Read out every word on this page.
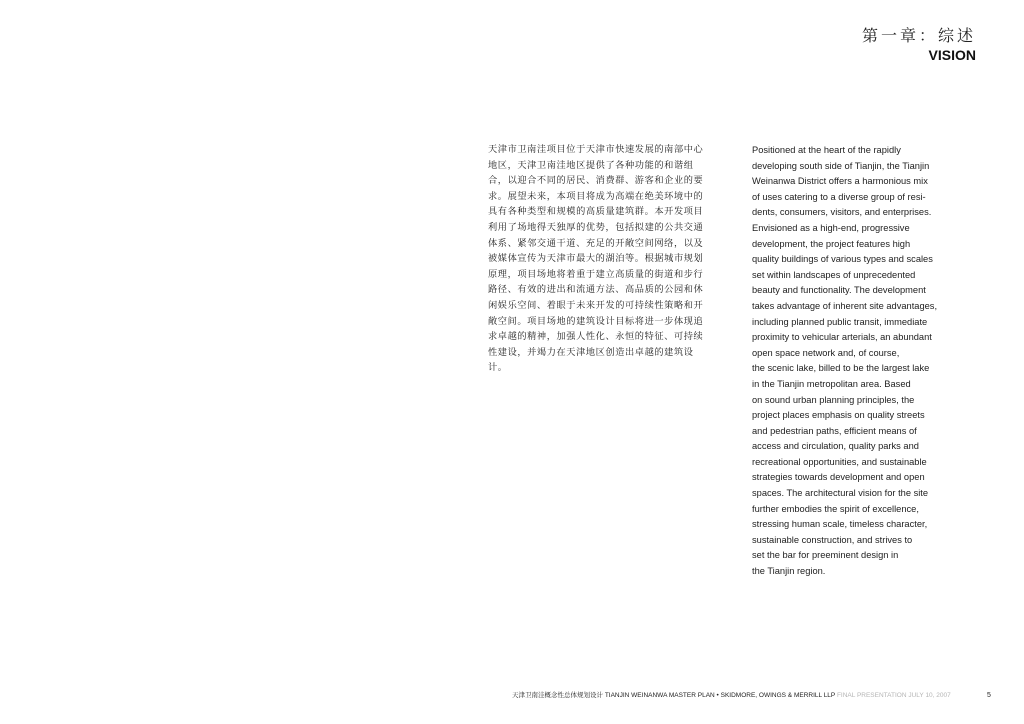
第一章：综述
VISION
天津市卫南洼项目位于天津市快速发展的南部中心
地区，天津卫南洼地区提供了各种功能的和谐组
合，以迎合不同的居民、消费群、游客和企业的要
求。展望未来，本项目将成为高端在绝美环境中的
具有各种类型和规模的高质量建筑群。本开发项目
利用了场地得天独厚的优势，包括拟建的公共交通
体系、紧邻交通干道、充足的开敞空间网络，以及
被媒体宣传为天津市最大的湖泊等。根据城市规划
原理，项目场地将着重于建立高质量的街道和步行
路径、有效的进出和流通方法、高品质的公园和休
闲娱乐空间、着眼于未来开发的可持续性策略和开
敞空间。项目场地的建筑设计目标将进一步体现追
求卓越的精神，加强人性化、永恒的特征、可持续
性建设，并竭力在天津地区创造出卓越的建筑设
计。
Positioned at the heart of the rapidly
developing south side of Tianjin, the Tianjin
Weinanwa District offers a harmonious mix
of uses catering to a diverse group of resi-
dents, consumers, visitors, and enterprises.
Envisioned as a high-end, progressive
development, the project features high
quality buildings of various types and scales
set within landscapes of unprecedented
beauty and functionality. The development
takes advantage of inherent site advantages,
including planned public transit, immediate
proximity to vehicular arterials, an abundant
open space network and, of course,
the scenic lake, billed to be the largest lake
in the Tianjin metropolitan area. Based
on sound urban planning principles, the
project places emphasis on quality streets
and pedestrian paths, efficient means of
access and circulation, quality parks and
recreational opportunities, and sustainable
strategies towards development and open
spaces. The architectural vision for the site
further embodies the spirit of excellence,
stressing human scale, timeless character,
sustainable construction, and strives to
set the bar for preeminent design in
the Tianjin region.
天津卫南洼概念性总体规划设计 TIANJIN WEINANWA MASTER PLAN • SKIDMORE, OWINGS & MERRILL LLP FINAL PRESENTATION JULY 10, 2007	5
